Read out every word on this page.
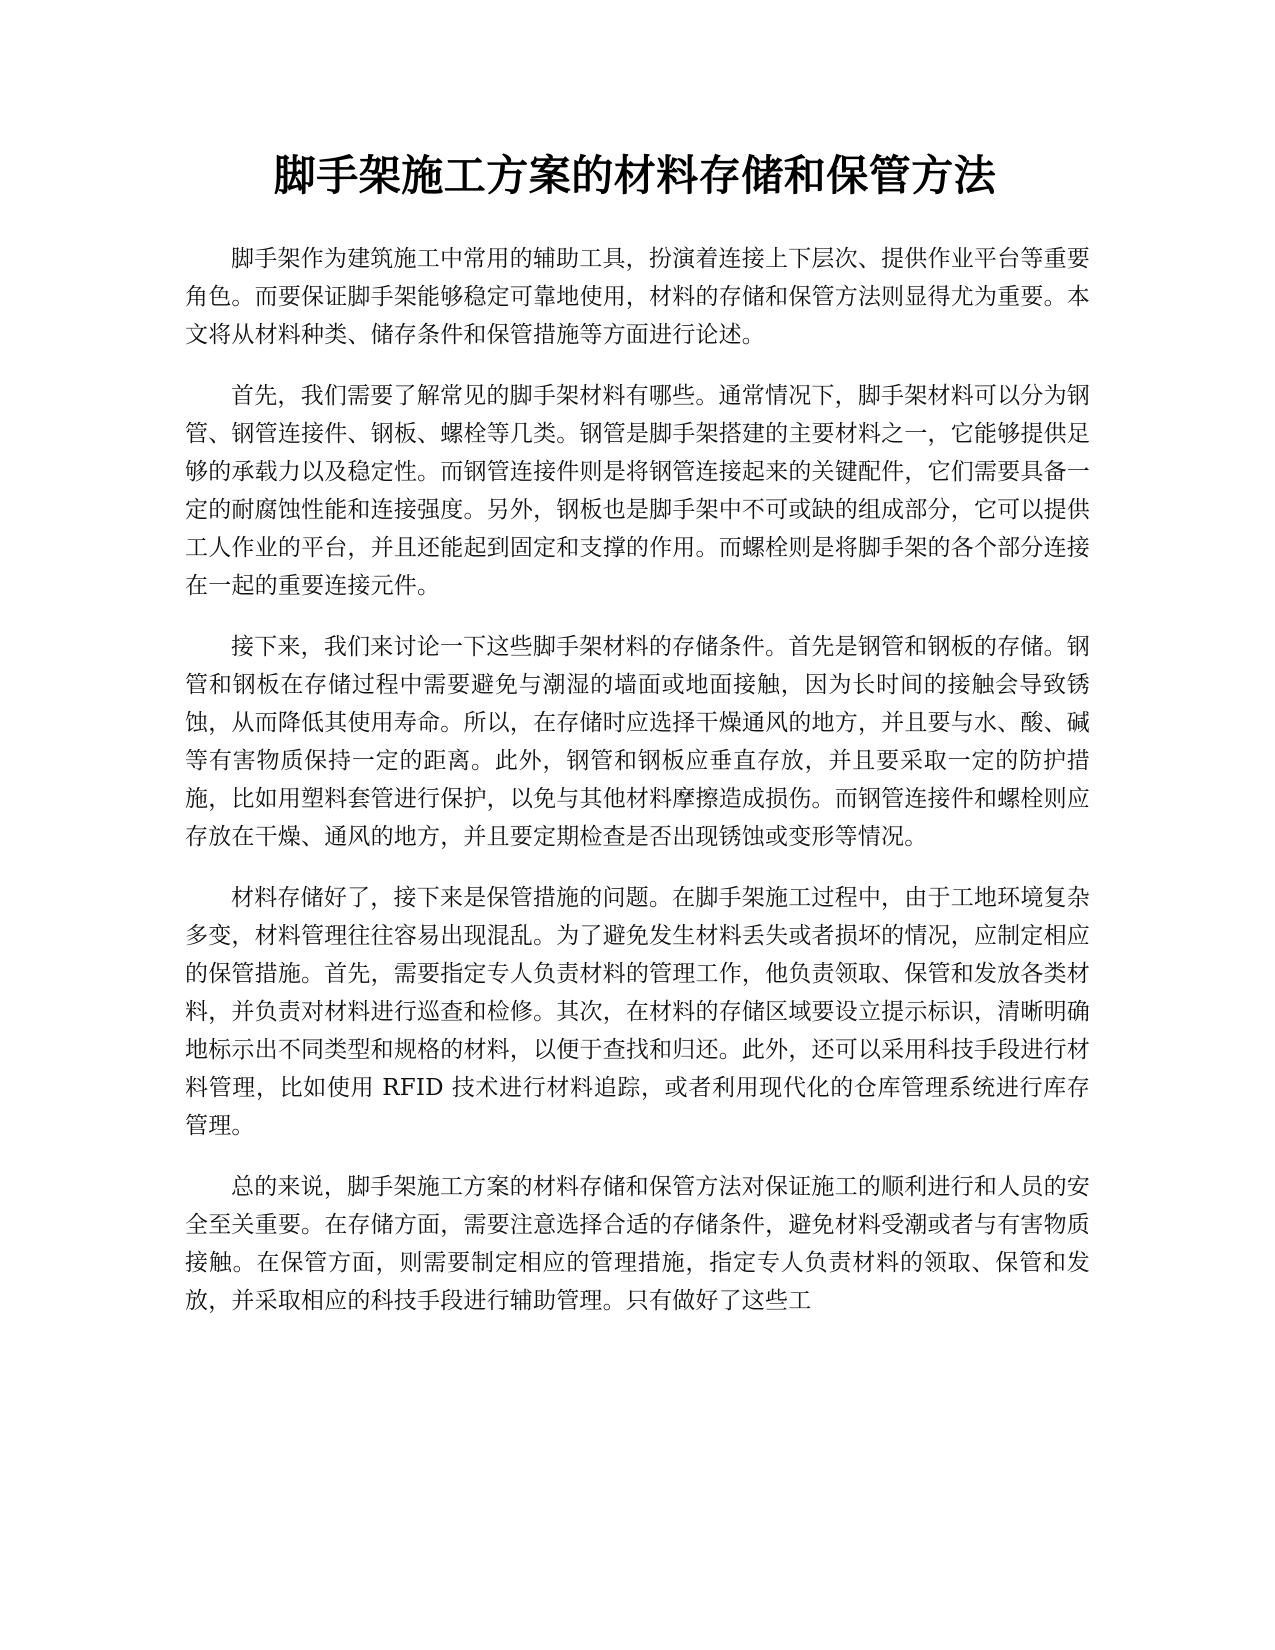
脚手架施工方案的材料存储和保管方法

脚手架作为建筑施工中常用的辅助工具，扮演着连接上下层次、提供作业平台等重要角色。而要保证脚手架能够稳定可靠地使用，材料的存储和保管方法则显得尤为重要。本文将从材料种类、储存条件和保管措施等方面进行论述。

首先，我们需要了解常见的脚手架材料有哪些。通常情况下，脚手架材料可以分为钢管、钢管连接件、钢板、螺栓等几类。钢管是脚手架搭建的主要材料之一，它能够提供足够的承载力以及稳定性。而钢管连接件则是将钢管连接起来的关键配件，它们需要具备一定的耐腐蚀性能和连接强度。另外，钢板也是脚手架中不可或缺的组成部分，它可以提供工人作业的平台，并且还能起到固定和支撑的作用。而螺栓则是将脚手架的各个部分连接在一起的重要连接元件。

接下来，我们来讨论一下这些脚手架材料的存储条件。首先是钢管和钢板的存储。钢管和钢板在存储过程中需要避免与潮湿的墙面或地面接触，因为长时间的接触会导致锈蚀，从而降低其使用寿命。所以，在存储时应选择干燥通风的地方，并且要与水、酸、碱等有害物质保持一定的距离。此外，钢管和钢板应垂直存放，并且要采取一定的防护措施，比如用塑料套管进行保护，以免与其他材料摩擦造成损伤。而钢管连接件和螺栓则应存放在干燥、通风的地方，并且要定期检查是否出现锈蚀或变形等情况。

材料存储好了，接下来是保管措施的问题。在脚手架施工过程中，由于工地环境复杂多变，材料管理往往容易出现混乱。为了避免发生材料丢失或者损坏的情况，应制定相应的保管措施。首先，需要指定专人负责材料的管理工作，他负责领取、保管和发放各类材料，并负责对材料进行巡查和检修。其次，在材料的存储区域要设立提示标识，清晰明确地标示出不同类型和规格的材料，以便于查找和归还。此外，还可以采用科技手段进行材料管理，比如使用 RFID 技术进行材料追踪，或者利用现代化的仓库管理系统进行库存管理。

总的来说，脚手架施工方案的材料存储和保管方法对保证施工的顺利进行和人员的安全至关重要。在存储方面，需要注意选择合适的存储条件，避免材料受潮或者与有害物质接触。在保管方面，则需要制定相应的管理措施，指定专人负责材料的领取、保管和发放，并采取相应的科技手段进行辅助管理。只有做好了这些工
